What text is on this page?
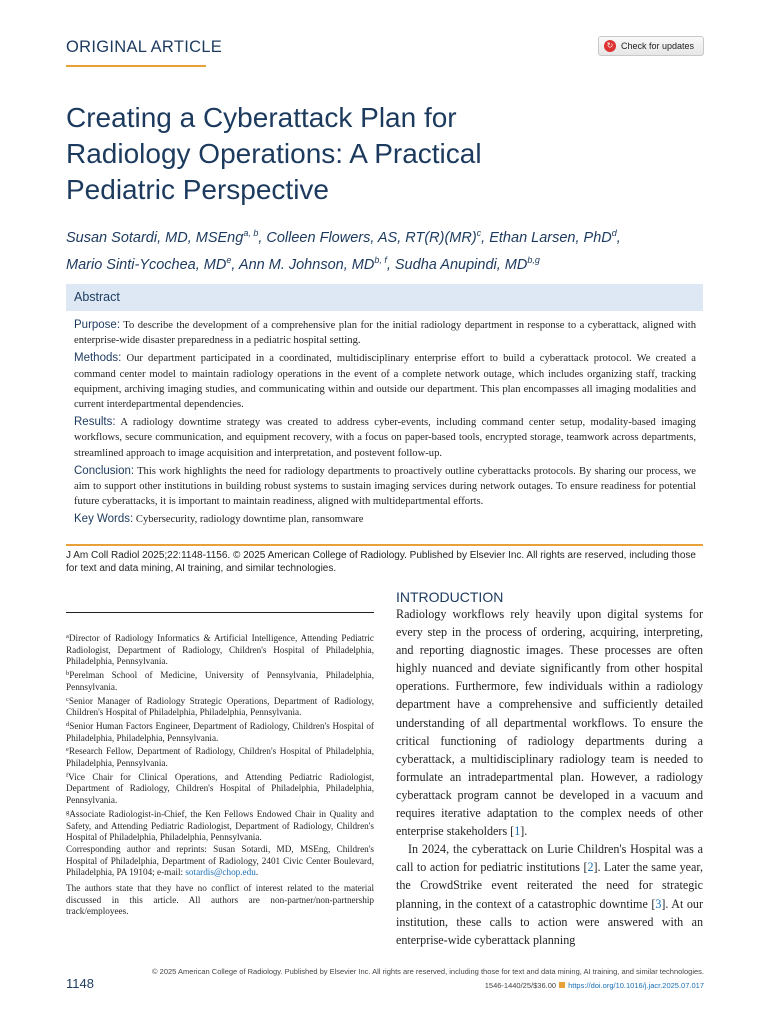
ORIGINAL ARTICLE	↻ Check for updates
Creating a Cyberattack Plan for
Radiology Operations: A Practical
Pediatric Perspective
Susan Sotardi, MD, MSEng$^{a, b}$, Colleen Flowers, AS, RT(R)(MR)$^c$, Ethan Larsen, PhD$^d$,
Mario Sinti-Ycochea, MDe, Ann M. Johnson, MD$^{b, f}$, Sudha Anupindi, MD$^{b,g}$
Abstract
Purpose: To describe the development of a comprehensive plan for the initial radiology department in response to a cyberattack, aligned with enterprise-wide disaster preparedness in a pediatric hospital setting.
Methods: Our department participated in a coordinated, multidisciplinary enterprise effort to build a cyberattack protocol. We created a command center model to maintain radiology operations in the event of a complete network outage, which includes organizing staff, tracking equipment, archiving imaging studies, and communicating within and outside our department. This plan encompasses all imaging modalities and current interdepartmental dependencies.
Results: A radiology downtime strategy was created to address cyber-events, including command center setup, modality-based imaging workflows, secure communication, and equipment recovery, with a focus on paper-based tools, encrypted storage, teamwork across departments, streamlined approach to image acquisition and interpretation, and postevent follow-up.
Conclusion: This work highlights the need for radiology departments to proactively outline cyberattacks protocols. By sharing our process, we aim to support other institutions in building robust systems to sustain imaging services during network outages. To ensure readiness for potential future cyberattacks, it is important to maintain readiness, aligned with multidepartmental efforts.
Key Words: Cybersecurity, radiology downtime plan, ransomware
J Am Coll Radiol 2025;22:1148-1156. © 2025 American College of Radiology. Published by Elsevier Inc. All rights are reserved, including those for text and data mining, AI training, and similar technologies.
$^a$Director of Radiology Informatics & Artificial Intelligence, Attending Pediatric Radiologist, Department of Radiology, Children's Hospital of Philadelphia, Philadelphia, Pennsylvania.
$^b$Perelman School of Medicine, University of Pennsylvania, Philadelphia, Pennsylvania.
$^c$Senior Manager of Radiology Strategic Operations, Department of Radiology, Children's Hospital of Philadelphia, Philadelphia, Pennsylvania.
$^d$Senior Human Factors Engineer, Department of Radiology, Children's Hospital of Philadelphia, Philadelphia, Pennsylvania.
$^e$Research Fellow, Department of Radiology, Children's Hospital of Philadelphia, Philadelphia, Pennsylvania.
$^f$Vice Chair for Clinical Operations, and Attending Pediatric Radiologist, Department of Radiology, Children's Hospital of Philadelphia, Philadelphia, Pennsylvania.
$^g$Associate Radiologist-in-Chief, the Ken Fellows Endowed Chair in Quality and Safety, and Attending Pediatric Radiologist, Department of Radiology, Children's Hospital of Philadelphia, Philadelphia, Pennsylvania.
Corresponding author and reprints: Susan Sotardi, MD, MSEng, Children's Hospital of Philadelphia, Department of Radiology, 2401 Civic Center Boulevard, Philadelphia, PA 19104; e-mail: sotardis@chop.edu.
The authors state that they have no conflict of interest related to the material discussed in this article. All authors are non-partner/non-partnership track/employees.
INTRODUCTION

Radiology workflows rely heavily upon digital systems for every step in the process of ordering, acquiring, interpreting, and reporting diagnostic images. These processes are often highly nuanced and deviate significantly from other hospital operations. Furthermore, few individuals within a radiology department have a comprehensive and sufficiently detailed understanding of all departmental workflows. To ensure the critical functioning of radiology departments during a cyberattack, a multidisciplinary radiology team is needed to formulate an intradepartmental plan. However, a radiology cyberattack program cannot be developed in a vacuum and requires iterative adaptation to the complex needs of other enterprise stakeholders [1].

In 2024, the cyberattack on Lurie Children's Hospital was a call to action for pediatric institutions [2]. Later the same year, the CrowdStrike event reiterated the need for strategic planning, in the context of a catastrophic downtime [3]. At our institution, these calls to action were answered with an enterprise-wide cyberattack planning

1148
© 2025 American College of Radiology. Published by Elsevier Inc. All rights are reserved, including those for text and data mining, AI training, and similar technologies.
1546-1440/25/$36.00 https://doi.org/10.1016/j.jacr.2025.07.017
